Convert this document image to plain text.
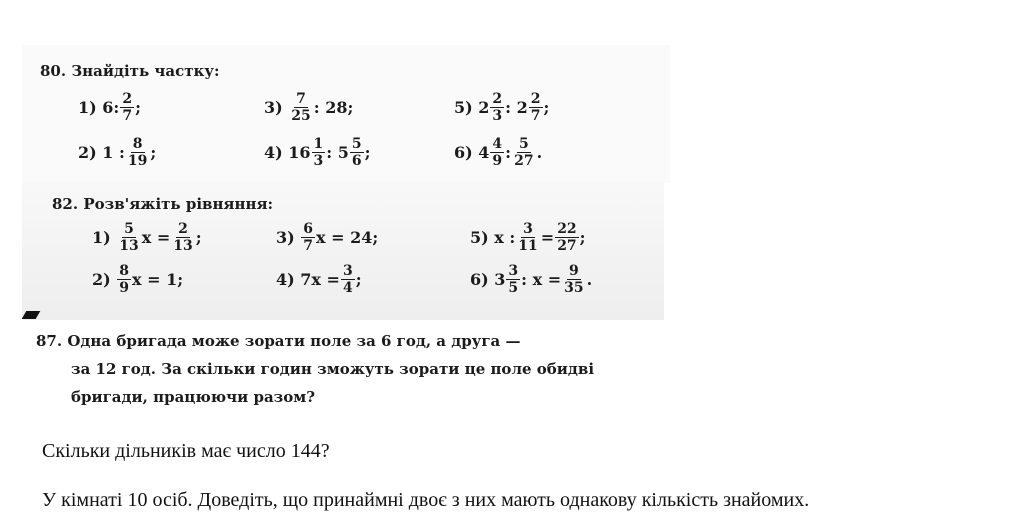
80. Знайдіть частку:
1) 6: $\frac{2}{7}$ ;	$3) \frac{7}{25}$ : 28;	5) $2 \frac{2}{3}$ : $2 \frac{2}{7}$ ;
2) 1 : $\frac{8}{19}$ ;	4) $16 \frac{1}{3}$ : $5 \frac{5}{6}$ ;	6) $4 \frac{4}{9}$ : $\frac{5}{27}$ .
82. Розв'яжіть рівняння:
$1) \frac{5}{13}$ $x = \frac{2}{13}$ ;	$3) \frac{6}{7}$ x = 24;	5) x : $\frac{3}{11} = \frac{22}{27}$ ;
$2) \frac{8}{9}$ x = 1;	4) $7x = \frac{3}{4}$ ;	6) $3 \frac{3}{5}$ : $x = \frac{9}{35}$ .
87. Одна бригада може зорати поле за 6 год, а друга —
за 12 год. За скільки годин зможуть зорати це поле обидві
бригади, працюючи разом?
Скільки дільників має число 144?
У кімнаті 10 осіб. Доведіть, що принаймні двоє з них мають однакову кількість знайомих.
